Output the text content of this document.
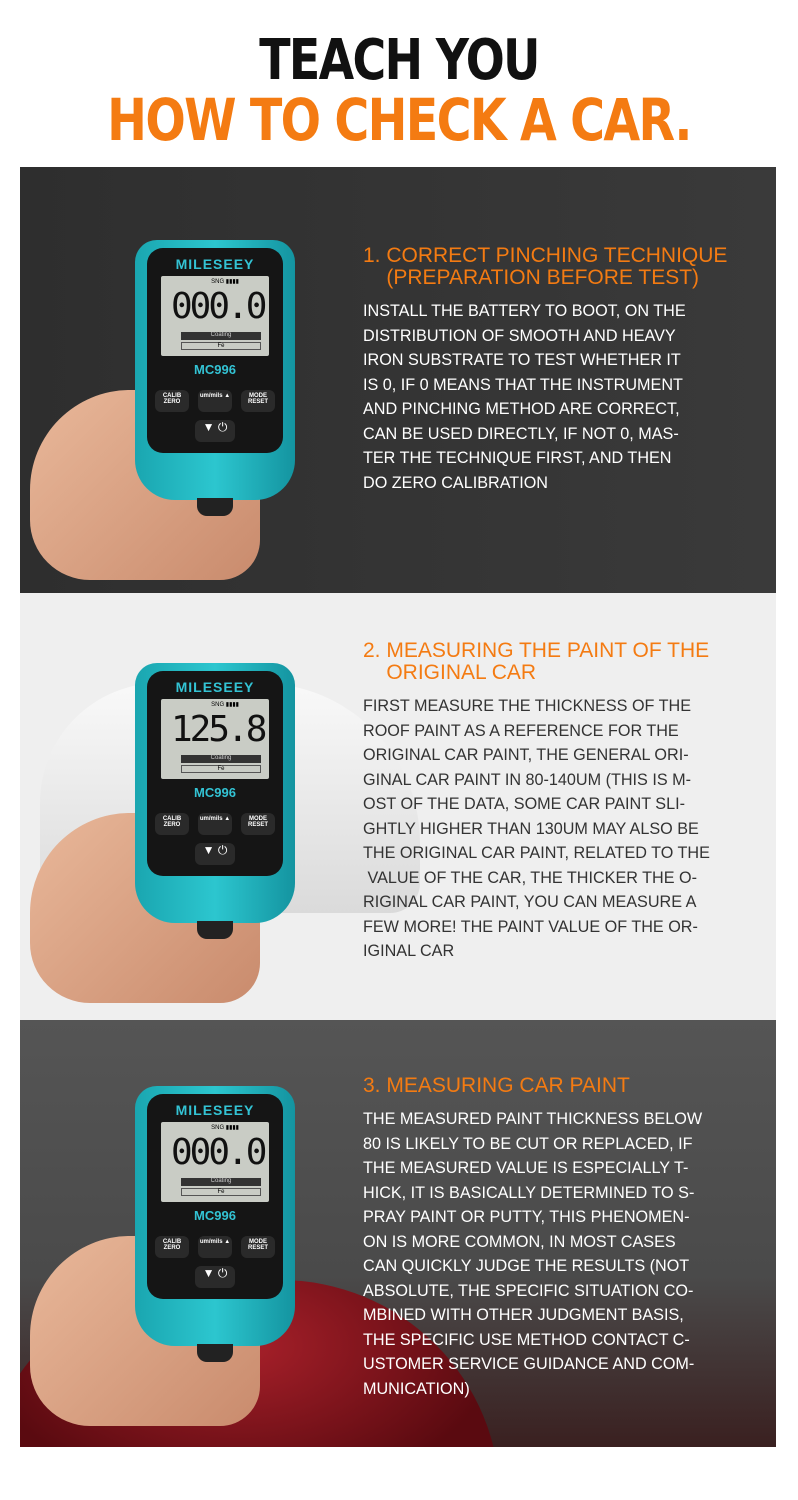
TEACH YOU
HOW TO CHECK A CAR.
MILESEEY
SNG ▮▮▮▮
000.0
Coating
Fe
MC996
CALIB ZERO
um/mils ▲	MODE RESET
▼ ⏻
1. CORRECT PINCHING TECHNIQUE
(PREPARATION BEFORE TEST)
INSTALL THE BATTERY TO BOOT, ON THE
DISTRIBUTION OF SMOOTH AND HEAVY
IRON SUBSTRATE TO TEST WHETHER IT
IS 0, IF 0 MEANS THAT THE INSTRUMENT
AND PINCHING METHOD ARE CORRECT,
CAN BE USED DIRECTLY, IF NOT 0, MAS-
TER THE TECHNIQUE FIRST, AND THEN
DO ZERO CALIBRATION
MILESEEY
SNG ▮▮▮▮
125.8
Coating
Fe
MC996
CALIB ZERO
um/mils ▲	MODE RESET
▼ ⏻
2. MEASURING THE PAINT OF THE
ORIGINAL CAR
FIRST MEASURE THE THICKNESS OF THE
ROOF PAINT AS A REFERENCE FOR THE
ORIGINAL CAR PAINT, THE GENERAL ORI-
GINAL CAR PAINT IN 80-140UM (THIS IS M-
OST OF THE DATA, SOME CAR PAINT SLI-
GHTLY HIGHER THAN 130UM MAY ALSO BE
THE ORIGINAL CAR PAINT, RELATED TO THE
VALUE OF THE CAR, THE THICKER THE O-
RIGINAL CAR PAINT, YOU CAN MEASURE A
FEW MORE! THE PAINT VALUE OF THE OR-
IGINAL CAR
MILESEEY
SNG ▮▮▮▮
000.0
Coating
Fe
MC996
CALIB ZERO
um/mils ▲	MODE RESET
▼ ⏻
3. MEASURING CAR PAINT
THE MEASURED PAINT THICKNESS BELOW
80 IS LIKELY TO BE CUT OR REPLACED, IF
THE MEASURED VALUE IS ESPECIALLY T-
HICK, IT IS BASICALLY DETERMINED TO S-
PRAY PAINT OR PUTTY, THIS PHENOMEN-
ON IS MORE COMMON, IN MOST CASES
CAN QUICKLY JUDGE THE RESULTS (NOT
ABSOLUTE, THE SPECIFIC SITUATION CO-
MBINED WITH OTHER JUDGMENT BASIS,
THE SPECIFIC USE METHOD CONTACT C-
USTOMER SERVICE GUIDANCE AND COM-
MUNICATION)
